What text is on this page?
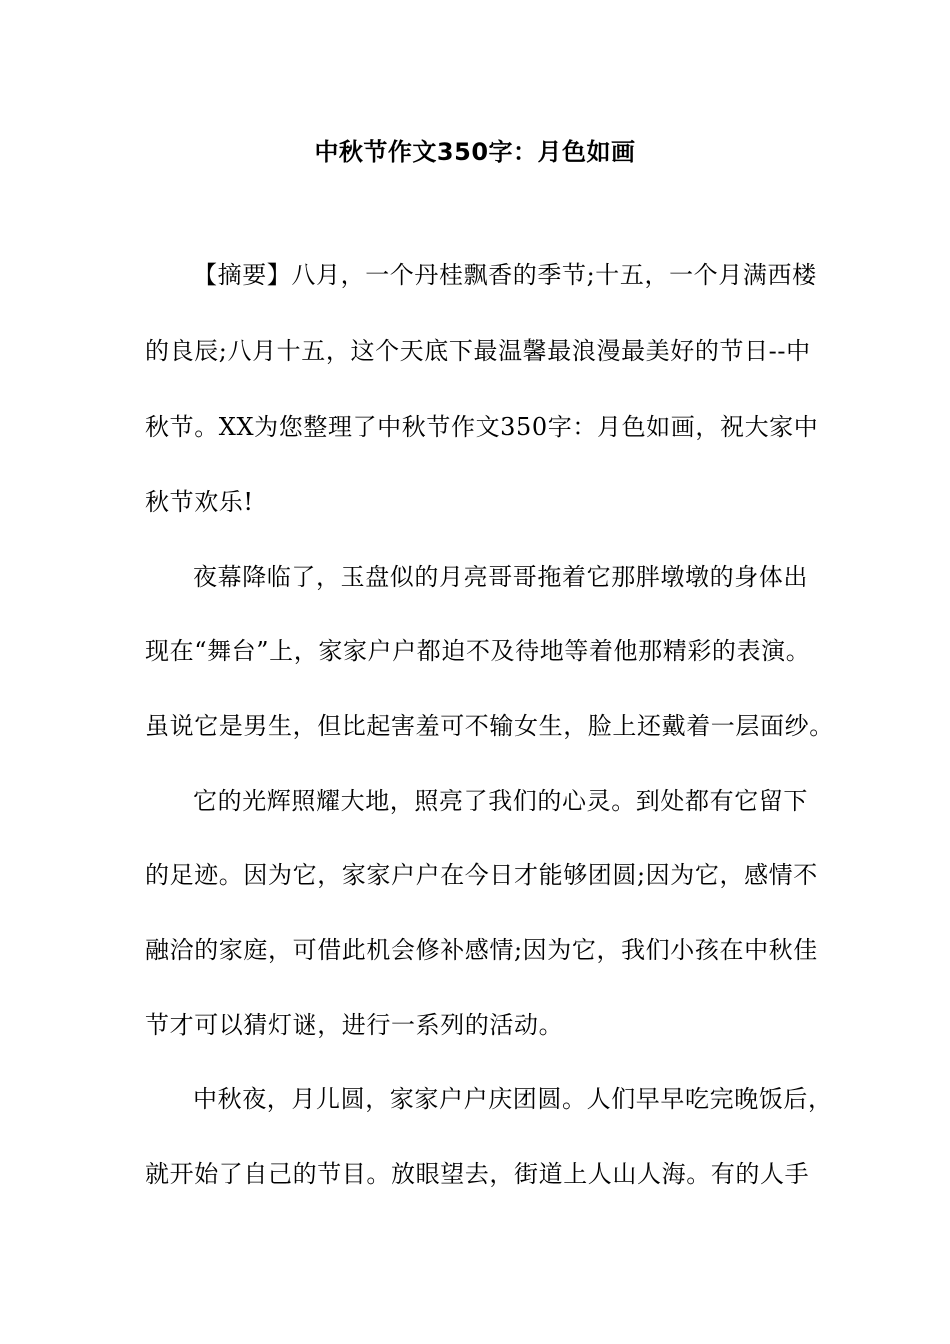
中秋节作文350字：月色如画
【摘要】八月，一个丹桂飘香的季节;十五，一个月满西楼
的良辰;八月十五，这个天底下最温馨最浪漫最美好的节日--中
秋节。XX为您整理了中秋节作文350字：月色如画，祝大家中
秋节欢乐!
夜幕降临了，玉盘似的月亮哥哥拖着它那胖墩墩的身体出
现在“舞台”上，家家户户都迫不及待地等着他那精彩的表演。
虽说它是男生，但比起害羞可不输女生，脸上还戴着一层面纱。
它的光辉照耀大地，照亮了我们的心灵。到处都有它留下
的足迹。因为它，家家户户在今日才能够团圆;因为它，感情不
融洽的家庭，可借此机会修补感情;因为它，我们小孩在中秋佳
节才可以猜灯谜，进行一系列的活动。
中秋夜，月儿圆，家家户户庆团圆。人们早早吃完晚饭后，
就开始了自己的节目。放眼望去，街道上人山人海。有的人手
